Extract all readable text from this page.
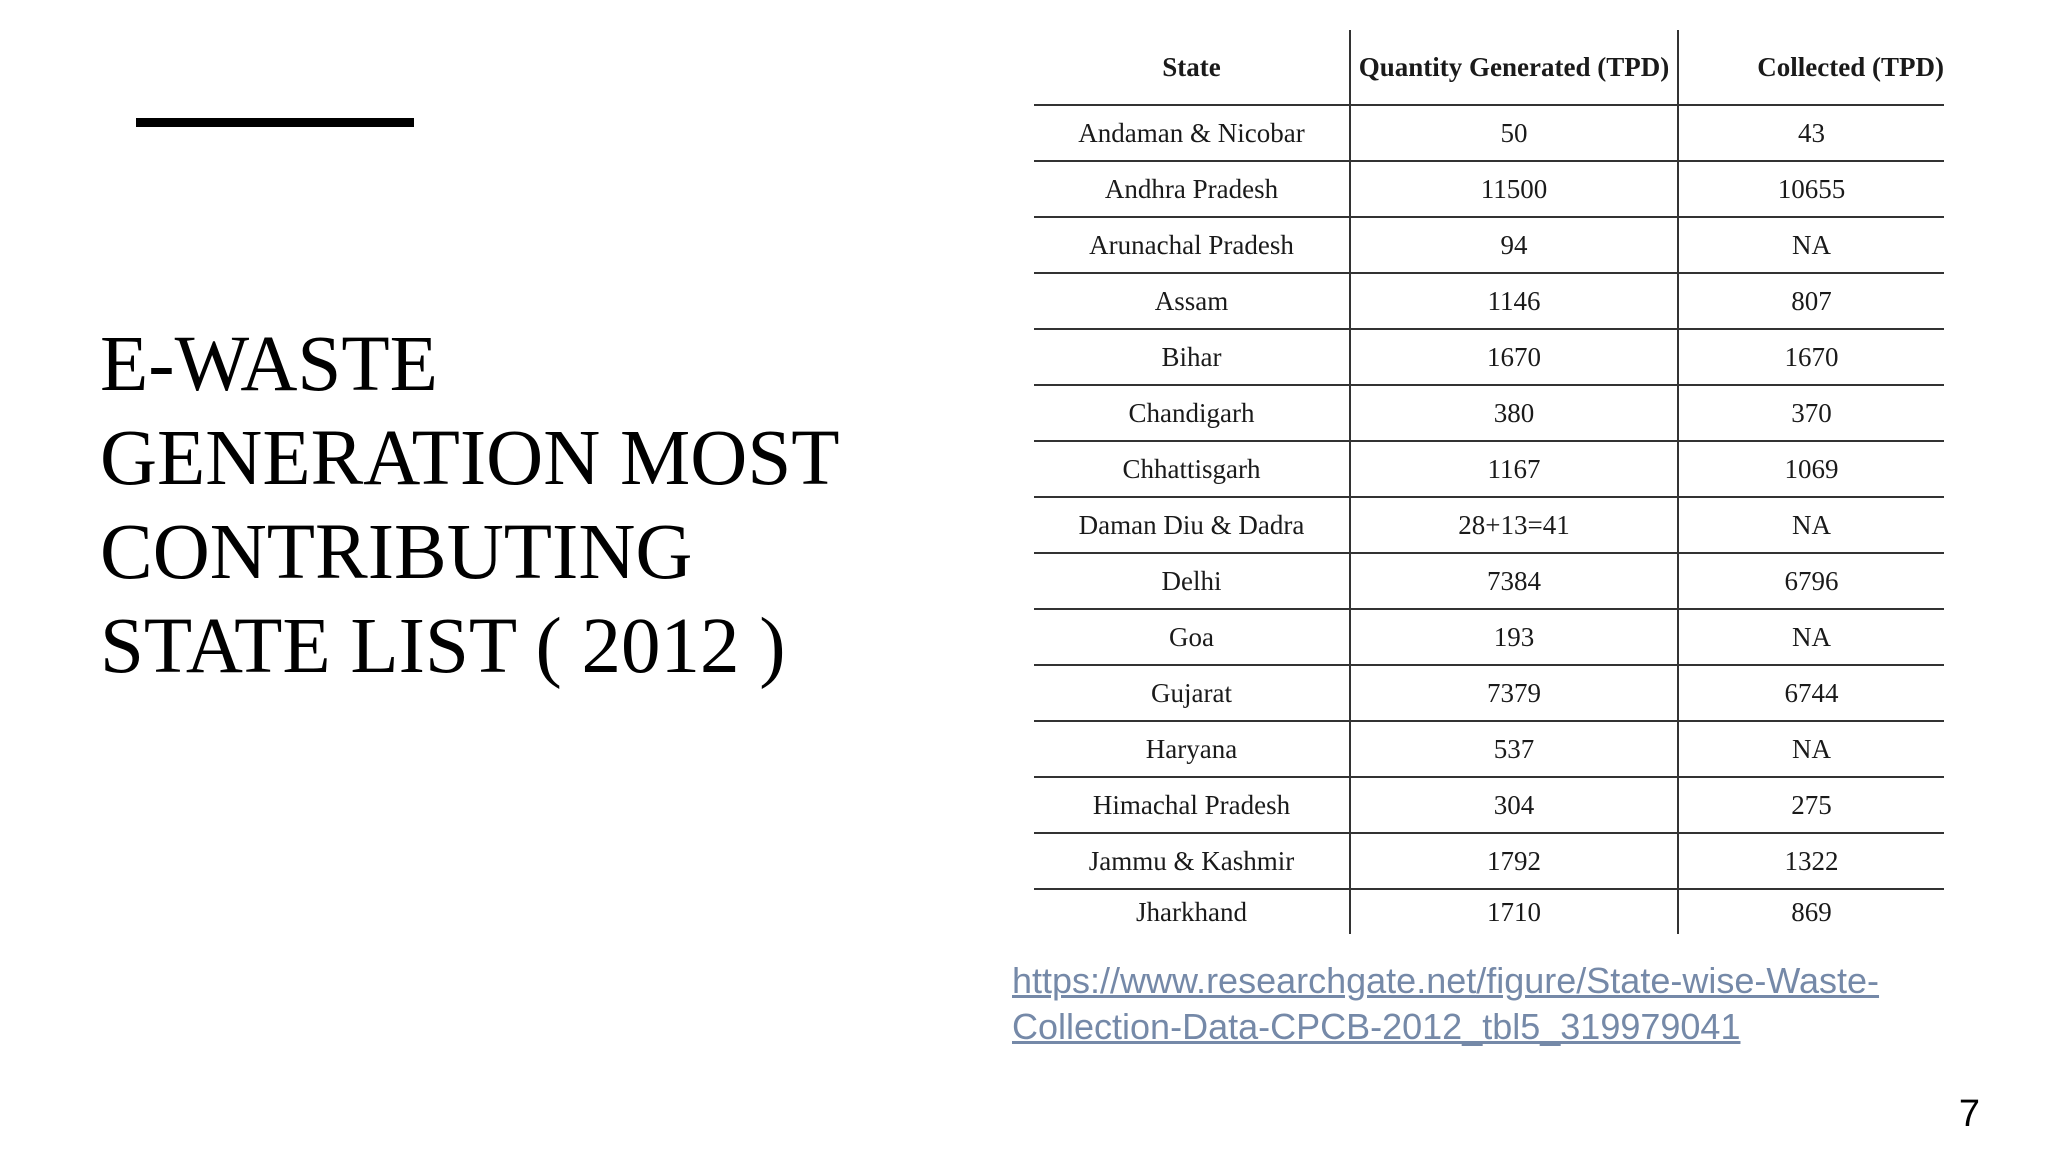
E-WASTE
GENERATION MOST
CONTRIBUTING
STATE LIST ( 2012 )
State	Quantity Generated (TPD)	Collected (TPD)
Andaman & Nicobar	50	43
Andhra Pradesh	11500	10655
Arunachal Pradesh	94	NA
Assam	1146	807
Bihar	1670	1670
Chandigarh	380	370
Chhattisgarh	1167	1069
Daman Diu & Dadra	28+13=41	NA
Delhi	7384	6796
Goa	193	NA
Gujarat	7379	6744
Haryana	537	NA
Himachal Pradesh	304	275
Jammu & Kashmir	1792	1322
Jharkhand	1710	869
https://www.researchgate.net/figure/State-wise-Waste-
Collection-Data-CPCB-2012_tbl5_319979041
7
